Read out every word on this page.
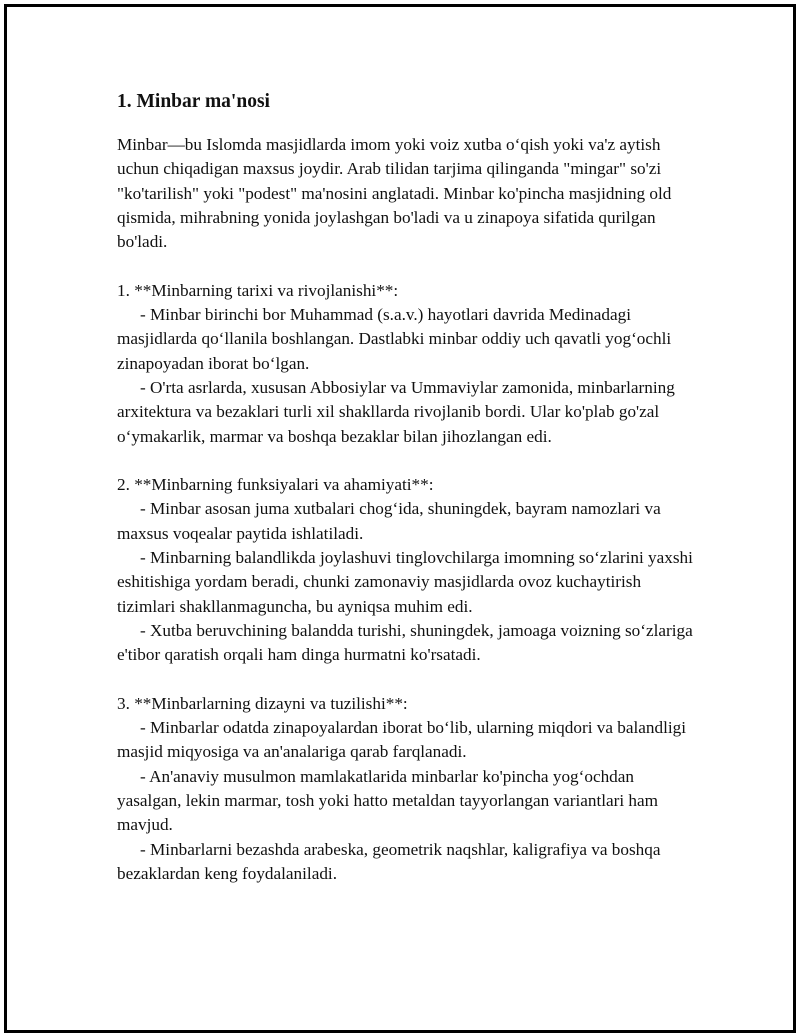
1. Minbar ma'nosi

Minbar—bu Islomda masjidlarda imom yoki voiz xutba o‘qish yoki va'z aytish uchun chiqadigan maxsus joydir. Arab tilidan tarjima qilinganda "mingar" so'zi "ko'tarilish" yoki "podest" ma'nosini anglatadi. Minbar ko'pincha masjidning old qismida, mihrabning yonida joylashgan bo'ladi va u zinapoya sifatida qurilgan bo'ladi.

1. **Minbarning tarixi va rivojlanishi**:

- Minbar birinchi bor Muhammad (s.a.v.) hayotlari davrida Medinadagi masjidlarda qo‘llanila boshlangan. Dastlabki minbar oddiy uch qavatli yog‘ochli zinapoyadan iborat bo‘lgan.

- O'rta asrlarda, xususan Abbosiylar va Ummaviylar zamonida, minbarlarning arxitektura va bezaklari turli xil shakllarda rivojlanib bordi. Ular ko'plab go'zal o‘ymakarlik, marmar va boshqa bezaklar bilan jihozlangan edi.

2. **Minbarning funksiyalari va ahamiyati**:

- Minbar asosan juma xutbalari chog‘ida, shuningdek, bayram namozlari va maxsus voqealar paytida ishlatiladi.

- Minbarning balandlikda joylashuvi tinglovchilarga imomning so‘zlarini yaxshi eshitishiga yordam beradi, chunki zamonaviy masjidlarda ovoz kuchaytirish tizimlari shakllanmaguncha, bu ayniqsa muhim edi.

- Xutba beruvchining balandda turishi, shuningdek, jamoaga voizning so‘zlariga e'tibor qaratish orqali ham dinga hurmatni ko'rsatadi.

3. **Minbarlarning dizayni va tuzilishi**:

- Minbarlar odatda zinapoyalardan iborat bo‘lib, ularning miqdori va balandligi masjid miqyosiga va an'analariga qarab farqlanadi.

- An'anaviy musulmon mamlakatlarida minbarlar ko'pincha yog‘ochdan yasalgan, lekin marmar, tosh yoki hatto metaldan tayyorlangan variantlari ham mavjud.

- Minbarlarni bezashda arabeska, geometrik naqshlar, kaligrafiya va boshqa bezaklardan keng foydalaniladi.
